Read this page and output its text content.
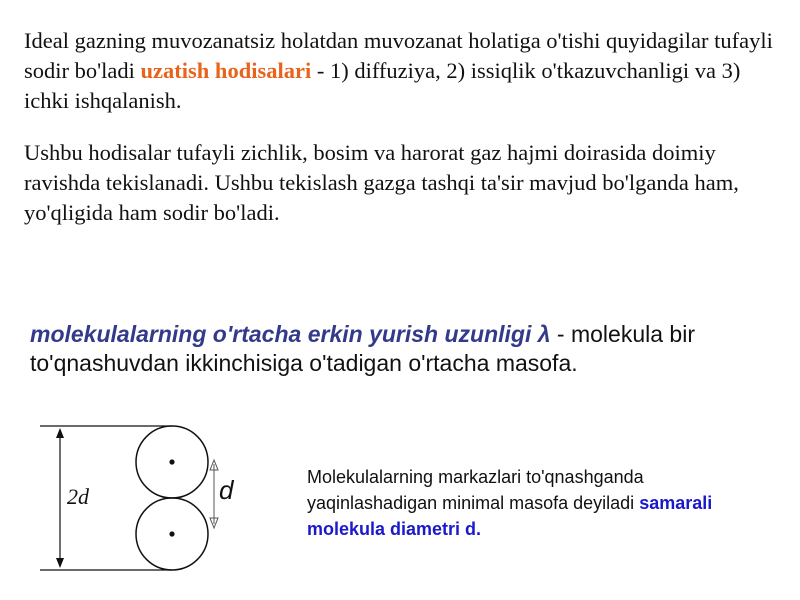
Ideal gazning muvozanatsiz holatdan muvozanat holatiga o'tishi quyidagilar tufayli sodir bo'ladi uzatish hodisalari - 1) diffuziya, 2) issiqlik o'tkazuvchanligi va 3) ichki ishqalanish.

Ushbu hodisalar tufayli zichlik, bosim va harorat gaz hajmi doirasida doimiy ravishda tekislanadi. Ushbu tekislash gazga tashqi ta'sir mavjud bo'lganda ham, yo'qligida ham sodir bo'ladi.

molekulalarning o'rtacha erkin yurish uzunligi λ - molekula bir to'qnashuvdan ikkinchisiga o'tadigan o'rtacha masofa.

2d	d	Molekulalarning markazlari to'qnashganda yaqinlashadigan minimal masofa deyiladi samarali molekula diametri d.
